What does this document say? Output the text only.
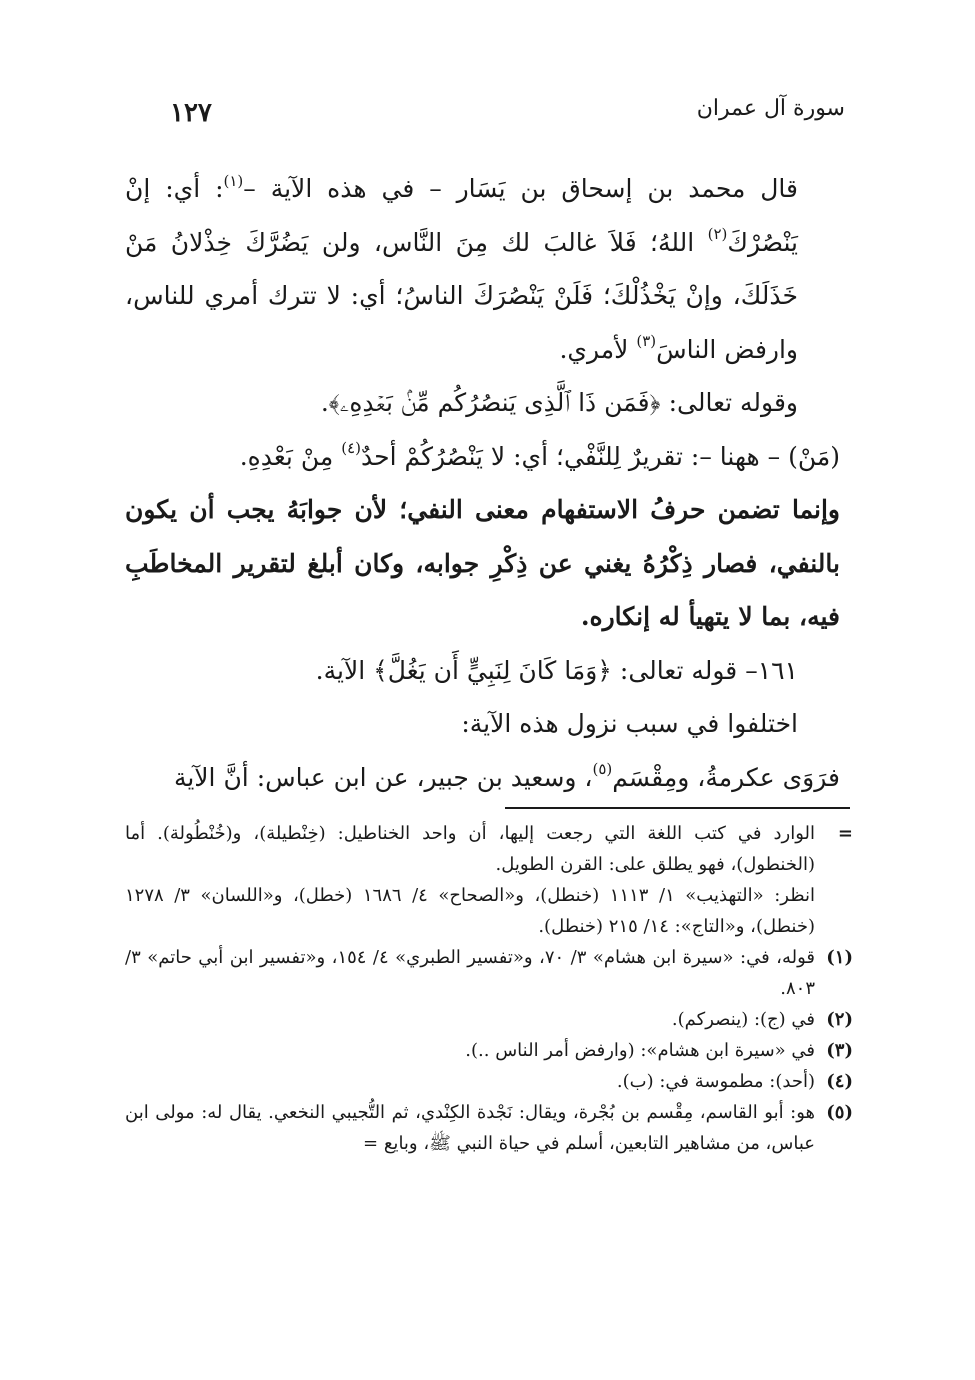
١٢٧	سورة آل عمران

قال محمد بن إسحاق بن يَسَار – في هذه الآية –$^{(١)}$: أي: إنْ يَنْصُرْكَ$^{(٢)}$ اللهُ؛ فَلاَ غالبَ لك مِنَ النَّاس، ولن يَضُرَّكَ خِذْلانُ مَنْ خَذَلَكَ، وإنْ يَخْذُلْكَ؛ فَلَنْ يَنْصُرَكَ الناسُ؛ أي: لا تترك أمري للناس، وارفض الناسَ$^{(٣)}$ لأمري.

وقوله تعالى: ﴿فَمَن ذَا ٱلَّذِى يَنصُرُكُم مِّنۢ بَعۡدِهِۦ﴾.

(مَنْ) – ههنا –: تقريرٌ لِلنَّفْي؛ أي: لا يَنْصُرُكُمْ أحدٌ$^{(٤)}$ مِنْ بَعْدِهِ.

وإنما تضمن حرفُ الاستفهام معنى النفي؛ لأن جوابَهُ يجب أن يكون بالنفي، فصار ذِكْرُهُ يغني عن ذِكْرِ جوابه، وكان أبلغ لتقرير المخاطَبِ فيه، بما لا يتهيأ له إنكاره.

١٦١– قوله تعالى: ﴿وَمَا كَانَ لِنَبِيٍّ أَن يَغُلَّ﴾ الآية.

اختلفوا في سبب نزول هذه الآية:

فرَوَى عكرمةُ، ومِقْسَم$^{(٥)}$، وسعيد بن جبير، عن ابن عباس: أنَّ الآية

=
الوارد في كتب اللغة التي رجعت إليها، أن واحد الخناطيل: (خِنْطيلة)، و(خُنْطُولة). أما (الخنطول)، فهو يطلق على: القرن الطويل.
انظر: «التهذيب» ١/ ١١١٣ (خنطل)، و«الصحاح» ٤/ ١٦٨٦ (خطل)، و«اللسان» ٣/ ١٢٧٨ (خنطل)، و«التاج»: ١٤/ ٢١٥ (خنطل).
(١)
قوله، في: «سيرة ابن هشام» ٣/ ٧٠، و«تفسير الطبري» ٤/ ١٥٤، و«تفسير ابن أبي حاتم» ٣/ ٨٠٣.
(٢)
في (ج): (ينصركم).
(٣)
في «سيرة ابن هشام»: (وارفض أمر الناس ..).
(٤)
(أحد): مطموسة في: (ب).
(٥)
هو: أبو القاسم، مِقْسم بن بُجْرة، ويقال: نَجْدة الكِنْدي، ثم التُّجيبي النخعي. يقال له: مولى ابن عباس، من مشاهير التابعين، أسلم في حياة النبي ﷺ، وبايع =
